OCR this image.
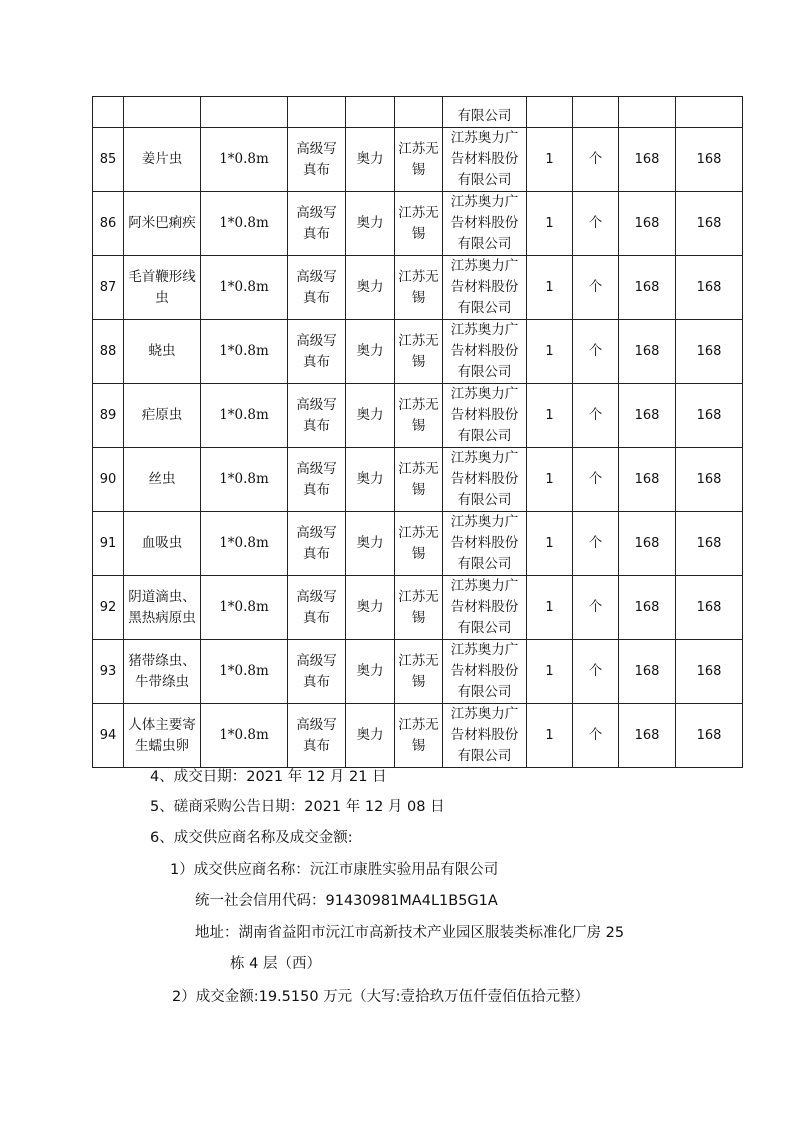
						有限公司				
85	姜片虫	1*0.8m	高级写真布	奥力	江苏无锡	江苏奥力广告材料股份有限公司	1	个	168	168
86	阿米巴痢疾	1*0.8m	高级写真布	奥力	江苏无锡	江苏奥力广告材料股份有限公司	1	个	168	168
87	毛首鞭形线虫	1*0.8m	高级写真布	奥力	江苏无锡	江苏奥力广告材料股份有限公司	1	个	168	168
88	蛲虫	1*0.8m	高级写真布	奥力	江苏无锡	江苏奥力广告材料股份有限公司	1	个	168	168
89	疟原虫	1*0.8m	高级写真布	奥力	江苏无锡	江苏奥力广告材料股份有限公司	1	个	168	168
90	丝虫	1*0.8m	高级写真布	奥力	江苏无锡	江苏奥力广告材料股份有限公司	1	个	168	168
91	血吸虫	1*0.8m	高级写真布	奥力	江苏无锡	江苏奥力广告材料股份有限公司	1	个	168	168
92	阴道滴虫、黑热病原虫	1*0.8m	高级写真布	奥力	江苏无锡	江苏奥力广告材料股份有限公司	1	个	168	168
93	猪带绦虫、牛带绦虫	1*0.8m	高级写真布	奥力	江苏无锡	江苏奥力广告材料股份有限公司	1	个	168	168
94	人体主要寄生蠕虫卵	1*0.8m	高级写真布	奥力	江苏无锡	江苏奥力广告材料股份有限公司	1	个	168	168
4、成交日期：2021 年 12 月 21 日
5、磋商采购公告日期：2021 年 12 月 08 日
6、成交供应商名称及成交金额:
1）成交供应商名称：沅江市康胜实验用品有限公司
统一社会信用代码：91430981MA4L1B5G1A
地址：湖南省益阳市沅江市高新技术产业园区服装类标准化厂房 25
栋 4 层（西）
2）成交金额:19.5150 万元（大写:壹拾玖万伍仟壹佰伍拾元整）
